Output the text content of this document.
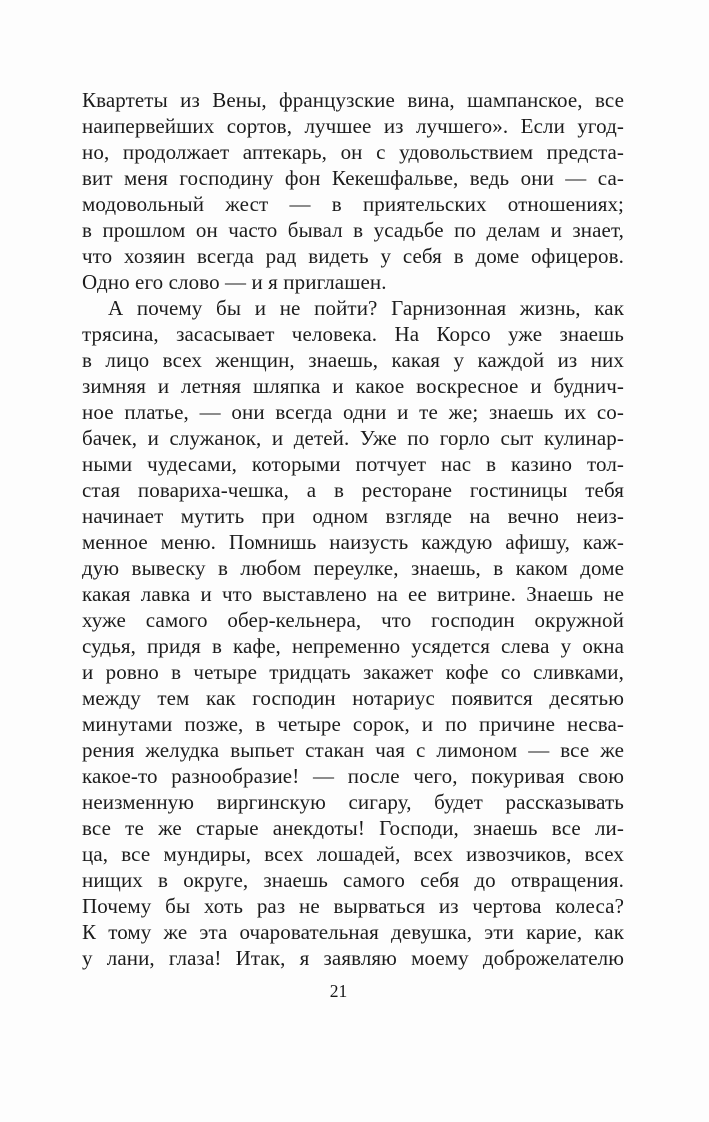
Квартеты из Вены, французские вина, шампанское, все
наипервейших сортов, лучшее из лучшего». Если угод-
но, продолжает аптекарь, он с удовольствием предста-
вит меня господину фон Кекешфальве, ведь они — са-
модовольный жест — в приятельских отношениях;
в прошлом он часто бывал в усадьбе по делам и знает,
что хозяин всегда рад видеть у себя в доме офицеров.
Одно его слово — и я приглашен.
А почему бы и не пойти? Гарнизонная жизнь, как
трясина, засасывает человека. На Корсо уже знаешь
в лицо всех женщин, знаешь, какая у каждой из них
зимняя и летняя шляпка и какое воскресное и буднич-
ное платье, — они всегда одни и те же; знаешь их со-
бачек, и служанок, и детей. Уже по горло сыт кулинар-
ными чудесами, которыми потчует нас в казино тол-
стая повариха-чешка, а в ресторане гостиницы тебя
начинает мутить при одном взгляде на вечно неиз-
менное меню. Помнишь наизусть каждую афишу, каж-
дую вывеску в любом переулке, знаешь, в каком доме
какая лавка и что выставлено на ее витрине. Знаешь не
хуже самого обер-кельнера, что господин окружной
судья, придя в кафе, непременно усядется слева у окна
и ровно в четыре тридцать закажет кофе со сливками,
между тем как господин нотариус появится десятью
минутами позже, в четыре сорок, и по причине несва-
рения желудка выпьет стакан чая с лимоном — все же
какое-то разнообразие! — после чего, покуривая свою
неизменную виргинскую сигару, будет рассказывать
все те же старые анекдоты! Господи, знаешь все ли-
ца, все мундиры, всех лошадей, всех извозчиков, всех
нищих в округе, знаешь самого себя до отвращения.
Почему бы хоть раз не вырваться из чертова колеса?
К тому же эта очаровательная девушка, эти карие, как
у лани, глаза! Итак, я заявляю моему доброжелателю
21
